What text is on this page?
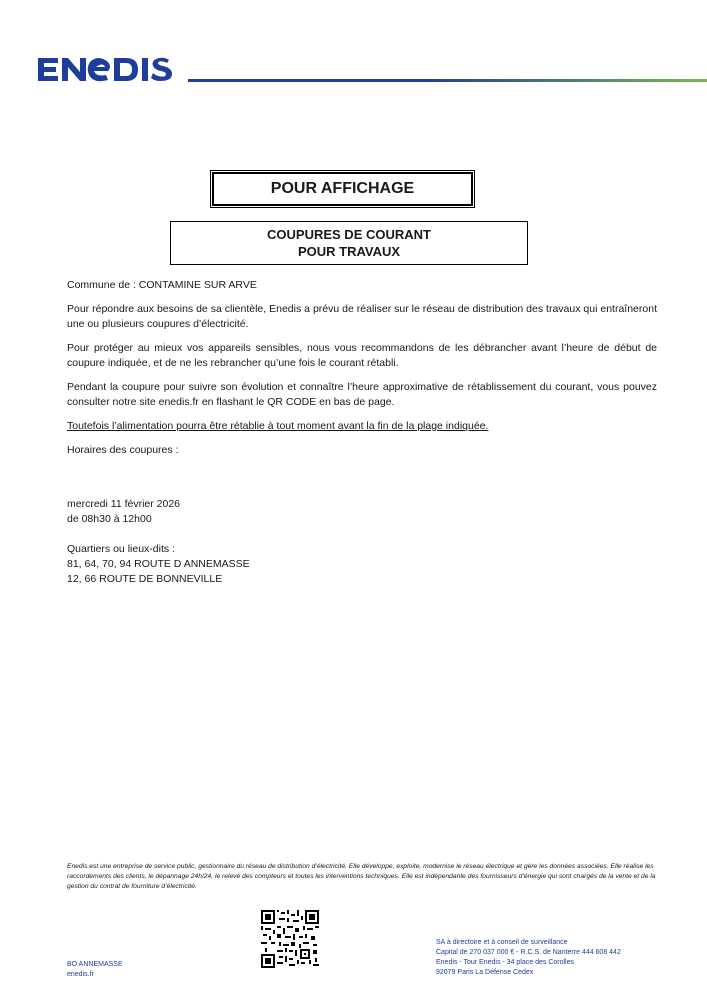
POUR AFFICHAGE
COUPURES DE COURANT
POUR TRAVAUX

Commune de : CONTAMINE SUR ARVE

Pour répondre aux besoins de sa clientèle, Enedis a prévu de réaliser sur le réseau de distribution des travaux qui entraîneront une ou plusieurs coupures d’électricité.

Pour protéger au mieux vos appareils sensibles, nous vous recommandons de les débrancher avant l’heure de début de coupure indiquée, et de ne les rebrancher qu’une fois le courant rétabli.

Pendant la coupure pour suivre son évolution et connaître l’heure approximative de rétablissement du courant, vous pouvez consulter notre site enedis.fr en flashant le QR CODE en bas de page.

Toutefois l’alimentation pourra être rétablie à tout moment avant la fin de la plage indiquée.

Horaires des coupures :

mercredi 11 février 2026

de 08h30 à 12h00

Quartiers ou lieux-dits :

81, 64, 70, 94 ROUTE D ANNEMASSE

12, 66 ROUTE DE BONNEVILLE

Enedis est une entreprise de service public, gestionnaire du réseau de distribution d’électricité. Elle développe, exploite, modernise le réseau électrique et gère les données associées. Elle réalise les raccordements des clients, le dépannage 24h/24, le relevé des compteurs et toutes les interventions techniques. Elle est indépendante des fournisseurs d’énergie qui sont chargés de la vente et de la gestion du contrat de fourniture d’électricité.
BO ANNEMASSE
enedis.fr
SA à directoire et à conseil de surveillance
Capital de 270 037 000 € - R.C.S. de Nanterre 444 608 442
Enedis - Tour Enedis - 34 place des Corolles
92079 Paris La Défense Cedex
